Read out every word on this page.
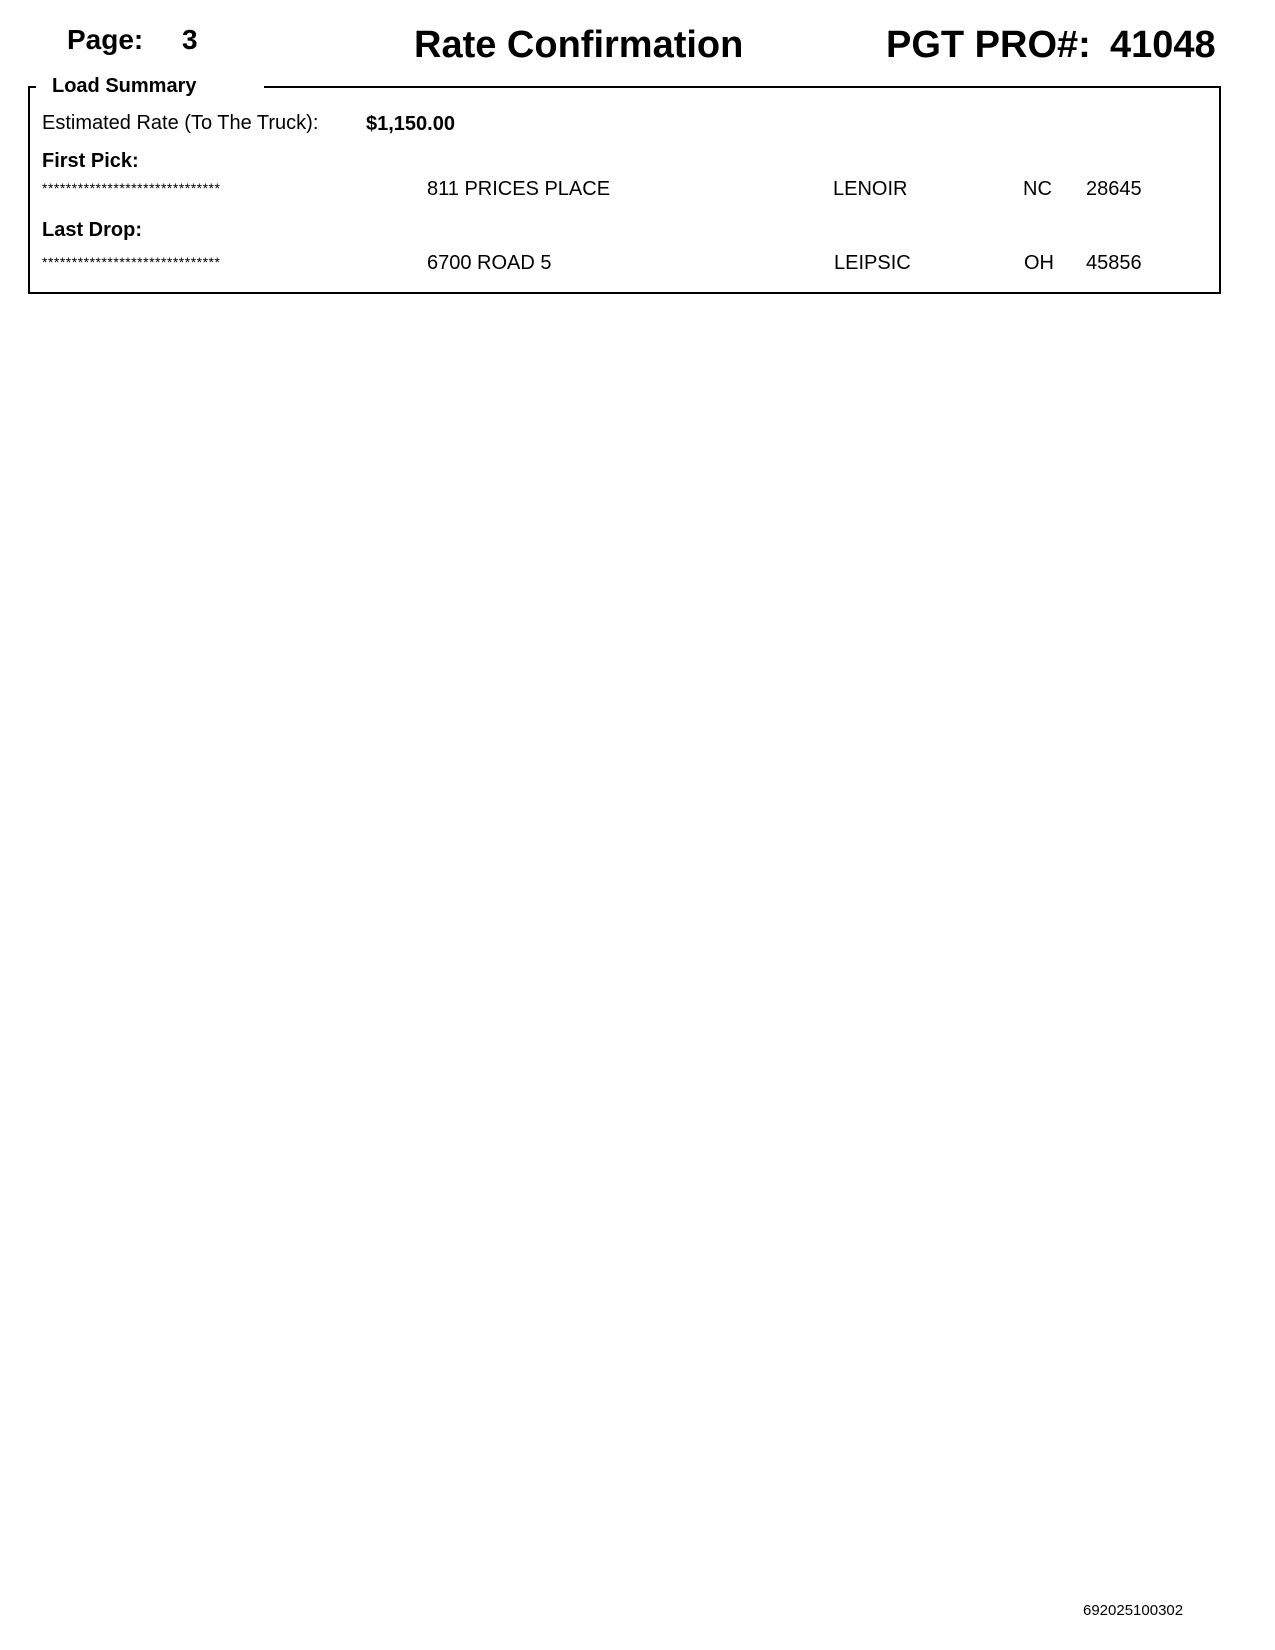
Page: 3	Rate Confirmation	PGT PRO#: 41048
Load Summary
Estimated Rate (To The Truck): $1,150.00
First Pick:
******************************	811 PRICES PLACE	LENOIR	NC 28645
Last Drop:
******************************	6700 ROAD 5	LEIPSIC	OH 45856
692025100302
